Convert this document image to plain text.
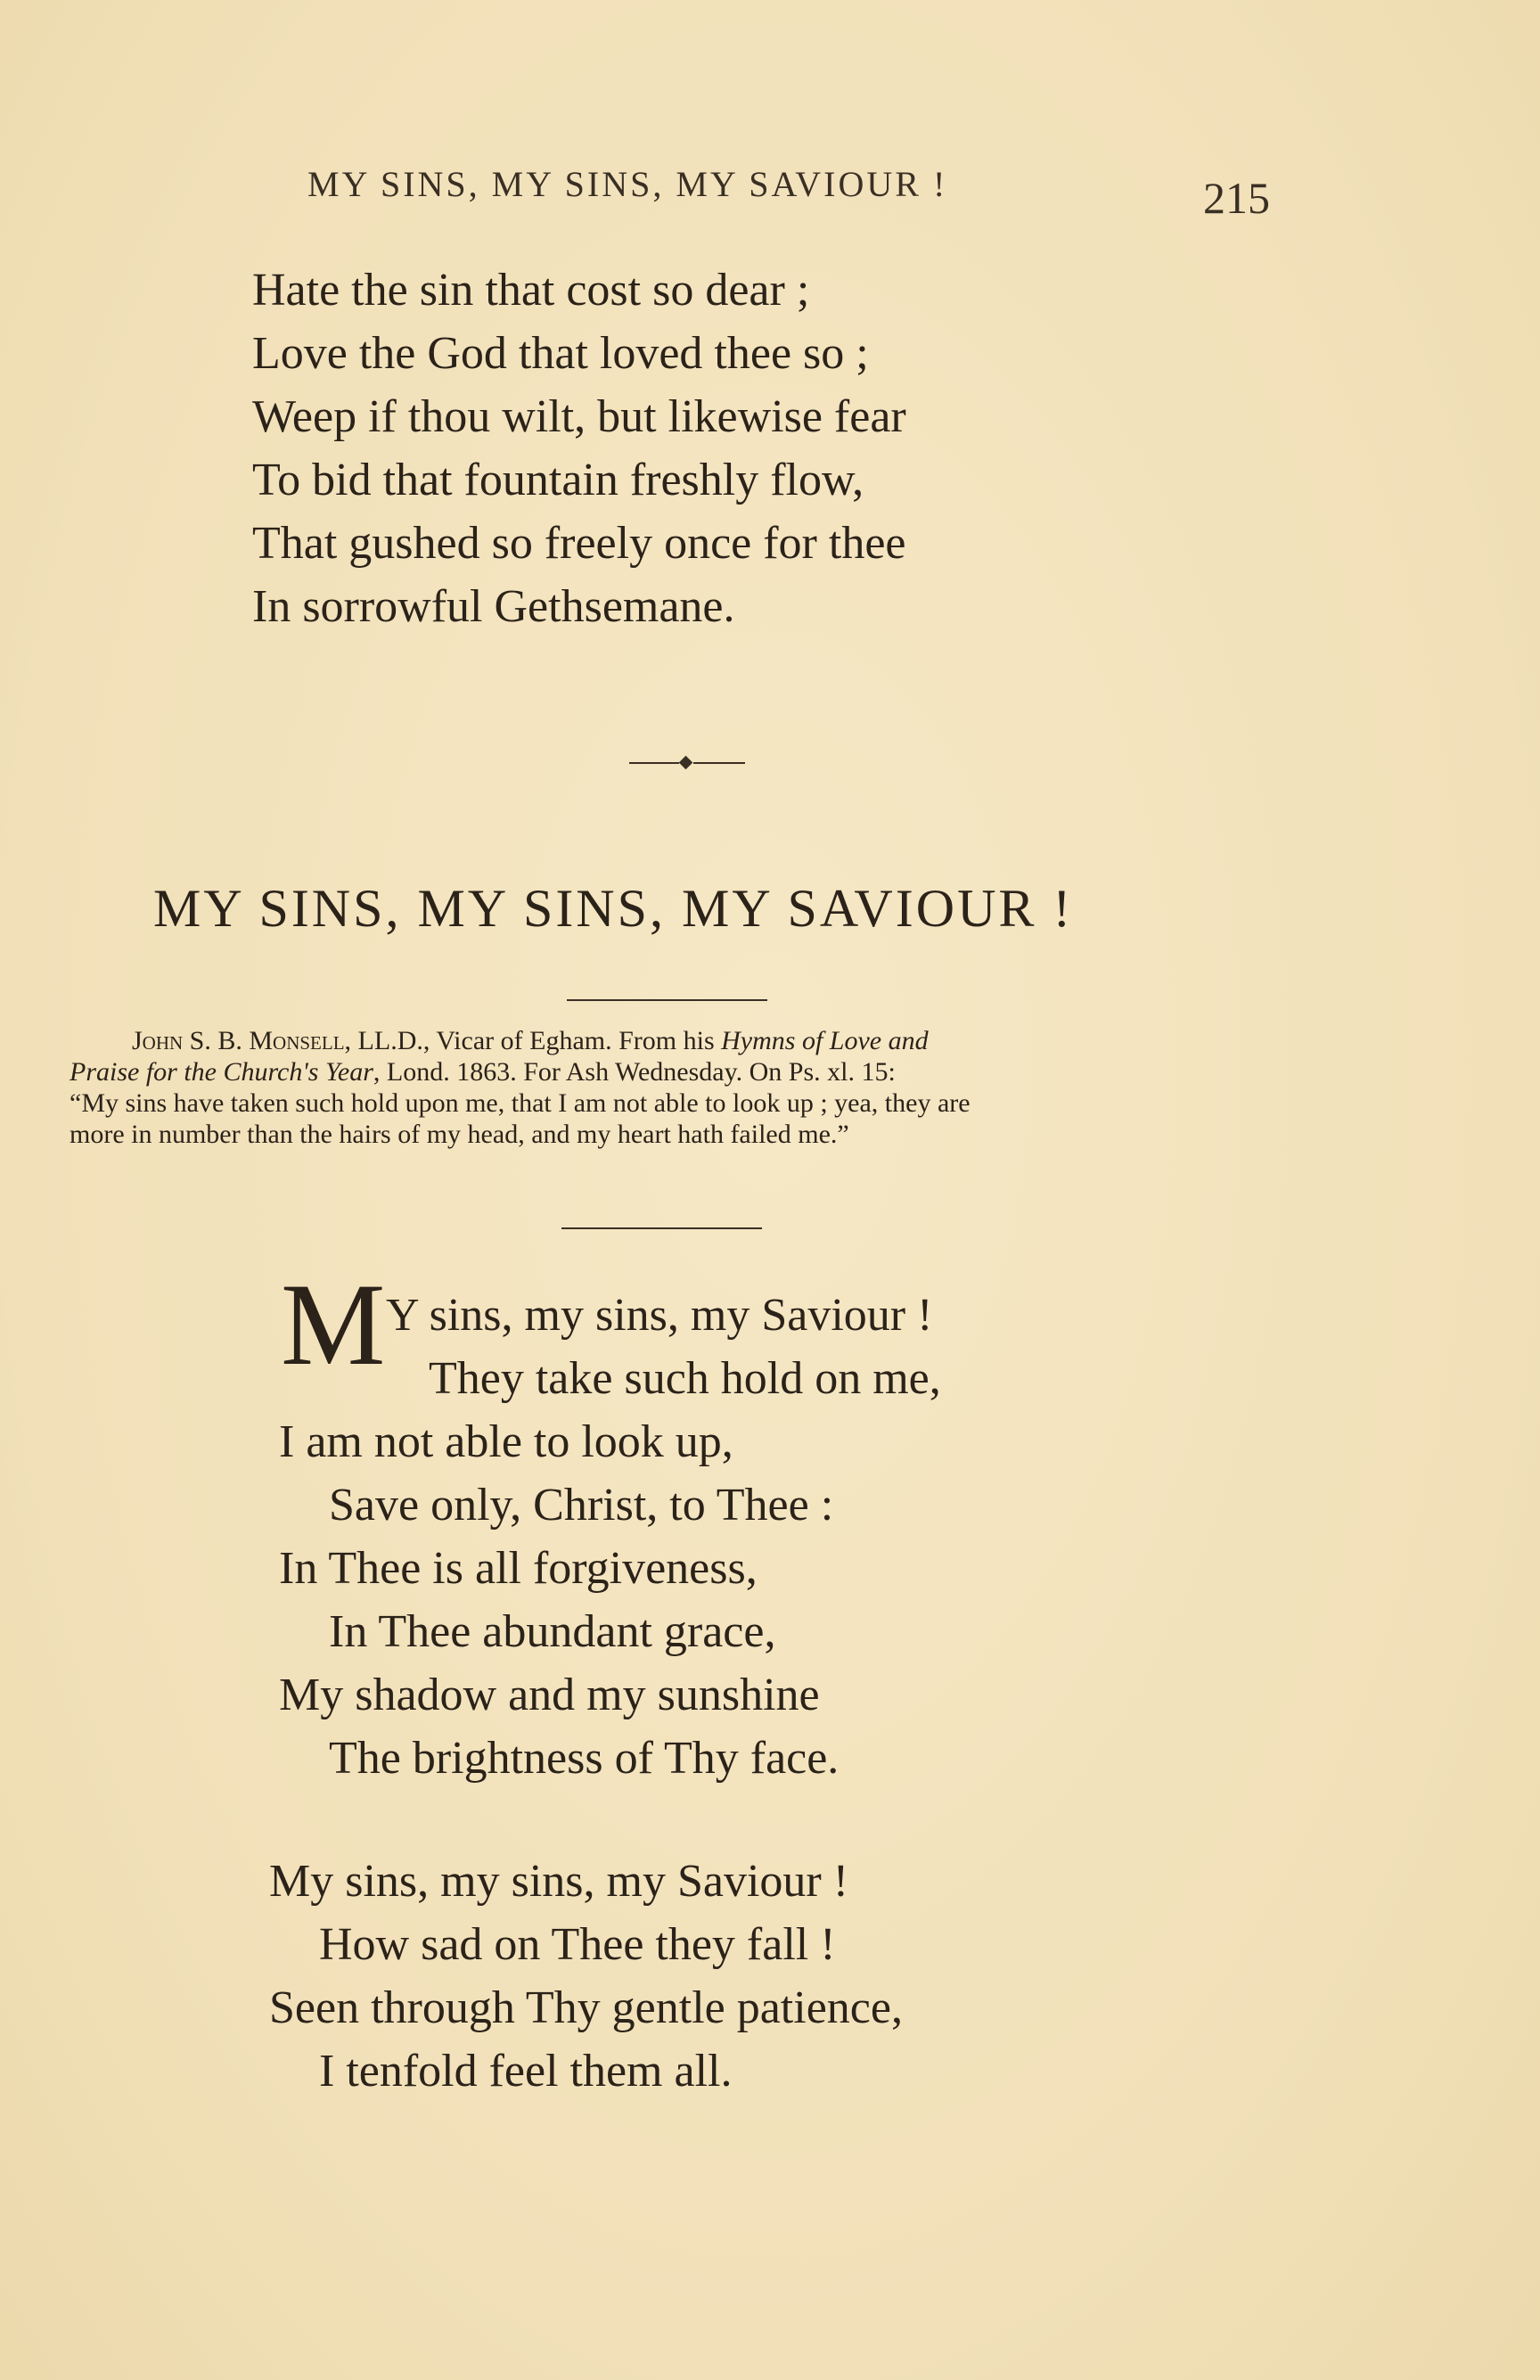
MY SINS, MY SINS, MY SAVIOUR !	215
Hate the sin that cost so dear ;
Love the God that loved thee so ;
Weep if thou wilt, but likewise fear
To bid that fountain freshly flow,
That gushed so freely once for thee
In sorrowful Gethsemane.
MY SINS, MY SINS, MY SAVIOUR !
John S. B. Monsell, LL.D., Vicar of Egham. From his Hymns of Love and
Praise for the Church's Year, Lond. 1863. For Ash Wednesday. On Ps. xl. 15:
“My sins have taken such hold upon me, that I am not able to look up ; yea, they are
more in number than the hairs of my head, and my heart hath failed me.”
M Y sins, my sins, my Saviour !
They take such hold on me,
I am not able to look up,
Save only, Christ, to Thee :
In Thee is all forgiveness,
In Thee abundant grace,
My shadow and my sunshine
The brightness of Thy face.
My sins, my sins, my Saviour !
How sad on Thee they fall !
Seen through Thy gentle patience,
I tenfold feel them all.
